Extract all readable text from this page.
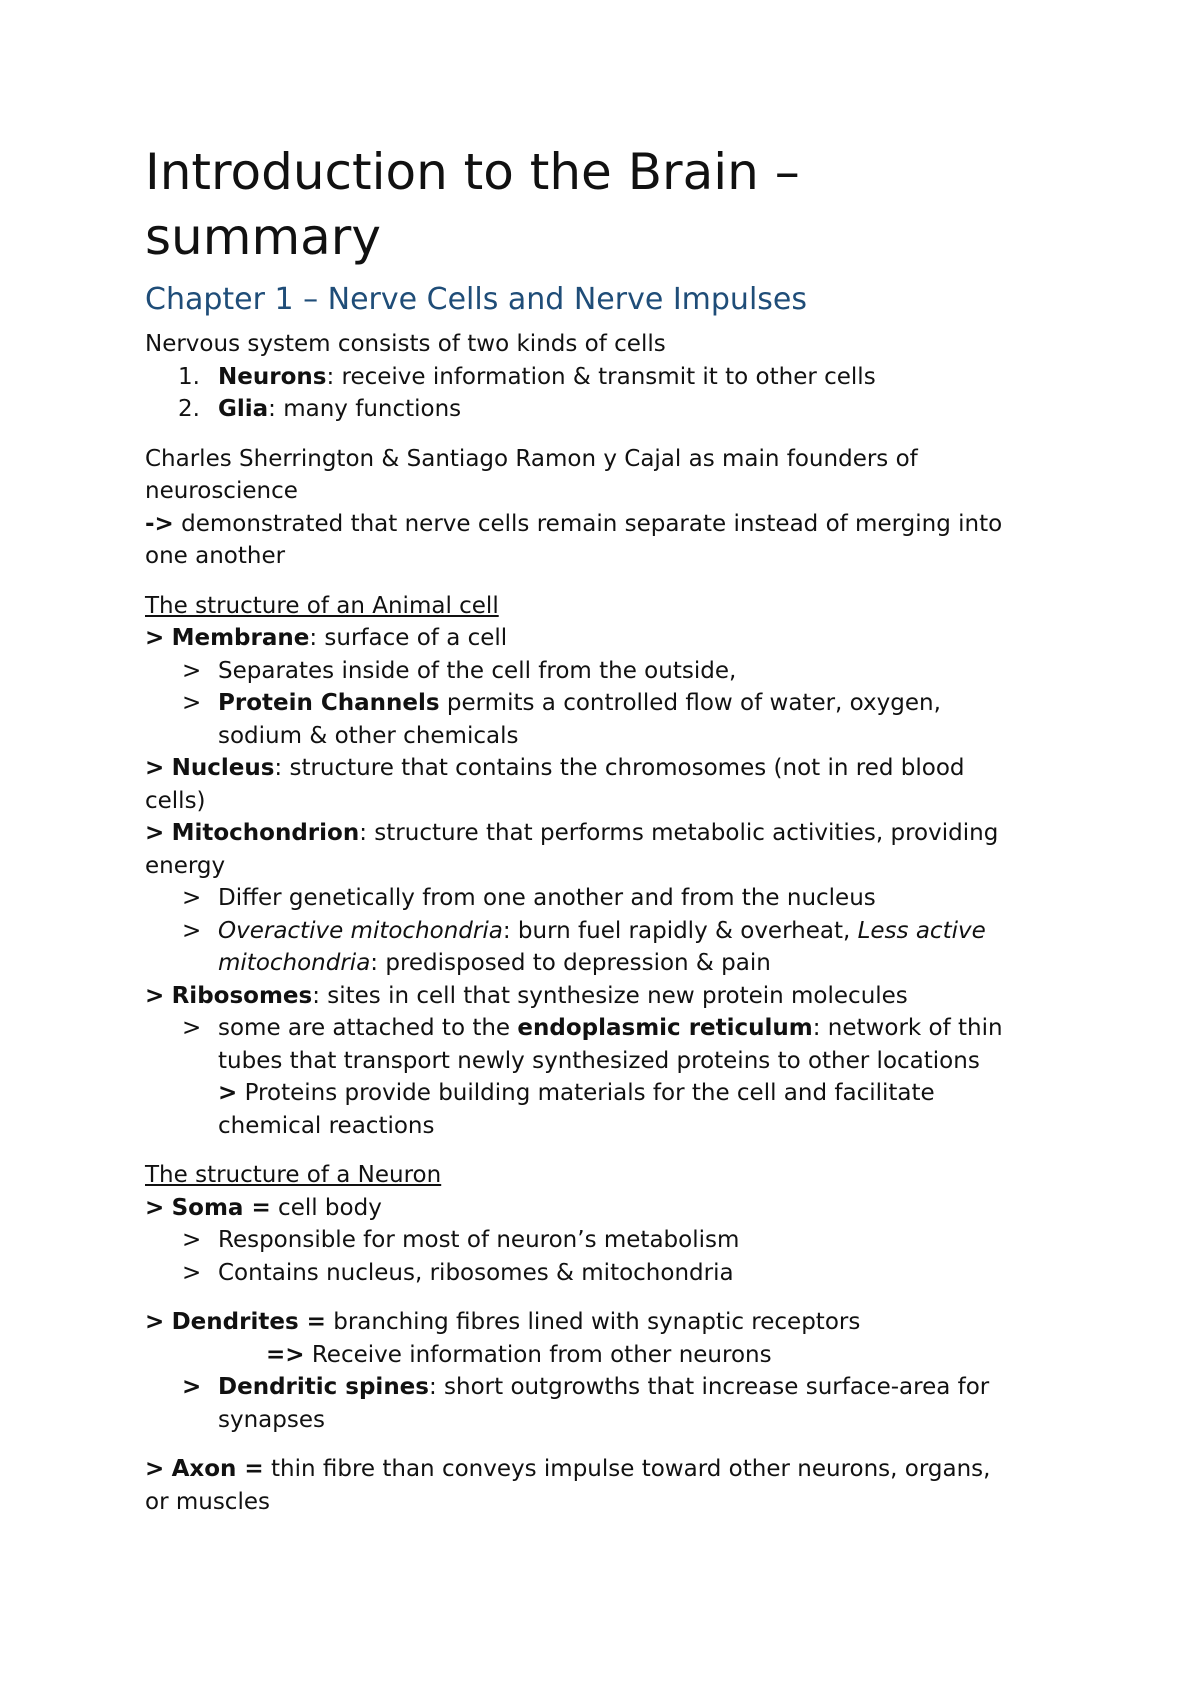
Introduction to the Brain –
summary
Chapter 1 – Nerve Cells and Nerve Impulses
Nervous system consists of two kinds of cells
1. Neurons: receive information & transmit it to other cells
2. Glia: many functions
Charles Sherrington & Santiago Ramon y Cajal as main founders of
neuroscience
-> demonstrated that nerve cells remain separate instead of merging into
one another
The structure of an Animal cell
> Membrane: surface of a cell
> Separates inside of the cell from the outside,
> Protein Channels permits a controlled flow of water, oxygen,
sodium & other chemicals
> Nucleus: structure that contains the chromosomes (not in red blood
cells)
> Mitochondrion: structure that performs metabolic activities, providing
energy
> Differ genetically from one another and from the nucleus
> Overactive mitochondria: burn fuel rapidly & overheat, Less active
mitochondria: predisposed to depression & pain
> Ribosomes: sites in cell that synthesize new protein molecules
> some are attached to the endoplasmic reticulum: network of thin
tubes that transport newly synthesized proteins to other locations
> Proteins provide building materials for the cell and facilitate
chemical reactions
The structure of a Neuron
> Soma = cell body
> Responsible for most of neuron’s metabolism
> Contains nucleus, ribosomes & mitochondria
> Dendrites = branching fibres lined with synaptic receptors
=> Receive information from other neurons
> Dendritic spines: short outgrowths that increase surface-area for
synapses
> Axon = thin fibre than conveys impulse toward other neurons, organs,
or muscles
